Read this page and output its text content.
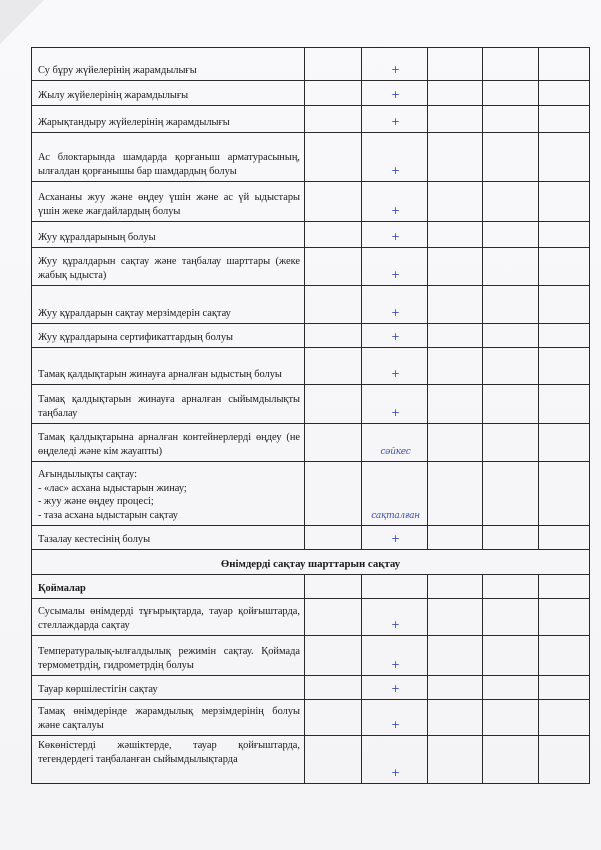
Су бұру жүйелерінің жарамдылығы		+			
Жылу жүйелерінің жарамдылығы		+			
Жарықтандыру жүйелерінің жарамдылығы		+			
Ас блоктарында шамдарда қорғаныш арматурасының, ылғалдан қорғанышы бар шамдардың болуы		+			
Асхананы жуу және өңдеу үшін және ас үй ыдыстары үшін жеке жағдайлардың болуы		+			
Жуу құралдарының болуы		+			
Жуу құралдарын сақтау және таңбалау шарттары (жеке жабық ыдыста)		+			
Жуу құралдарын сақтау мерзімдерін сақтау		+			
Жуу құралдарына сертификаттардың болуы		+			
Тамақ қалдықтарын жинауға арналған ыдыстың болуы		+			
Тамақ қалдықтарын жинауға арналған сыйымдылықты таңбалау		+			
Тамақ қалдықтарына арналған контейнерлерді өңдеу (не өңделеді және кім жауапты)		сәйкес			

Ағындылықты сақтау:
- «лас» асхана ыдыстарын жинау;
- жуу және өңдеу процесі;
- таза асхана ыдыстарын сақтау		сақталған			
Тазалау кестесінің болуы		+			
Өнімдерді сақтау шарттарын сақтау					
Қоймалар					
Сусымалы өнімдерді тұғырықтарда, тауар қойғыштарда, стеллаждарда сақтау		+			
Температуралық-ылғалдылық режимін сақтау. Қоймада термометрдің, гидрометрдің болуы		+			
Тауар көршілестігін сақтау		+			
Тамақ өнімдерінде жарамдылық мерзімдерінің болуы және сақталуы		+			
Көкөністерді жәшіктерде, тауар қойғыштарда, тегендердегі таңбаланған сыйымдылықтарда		+			
